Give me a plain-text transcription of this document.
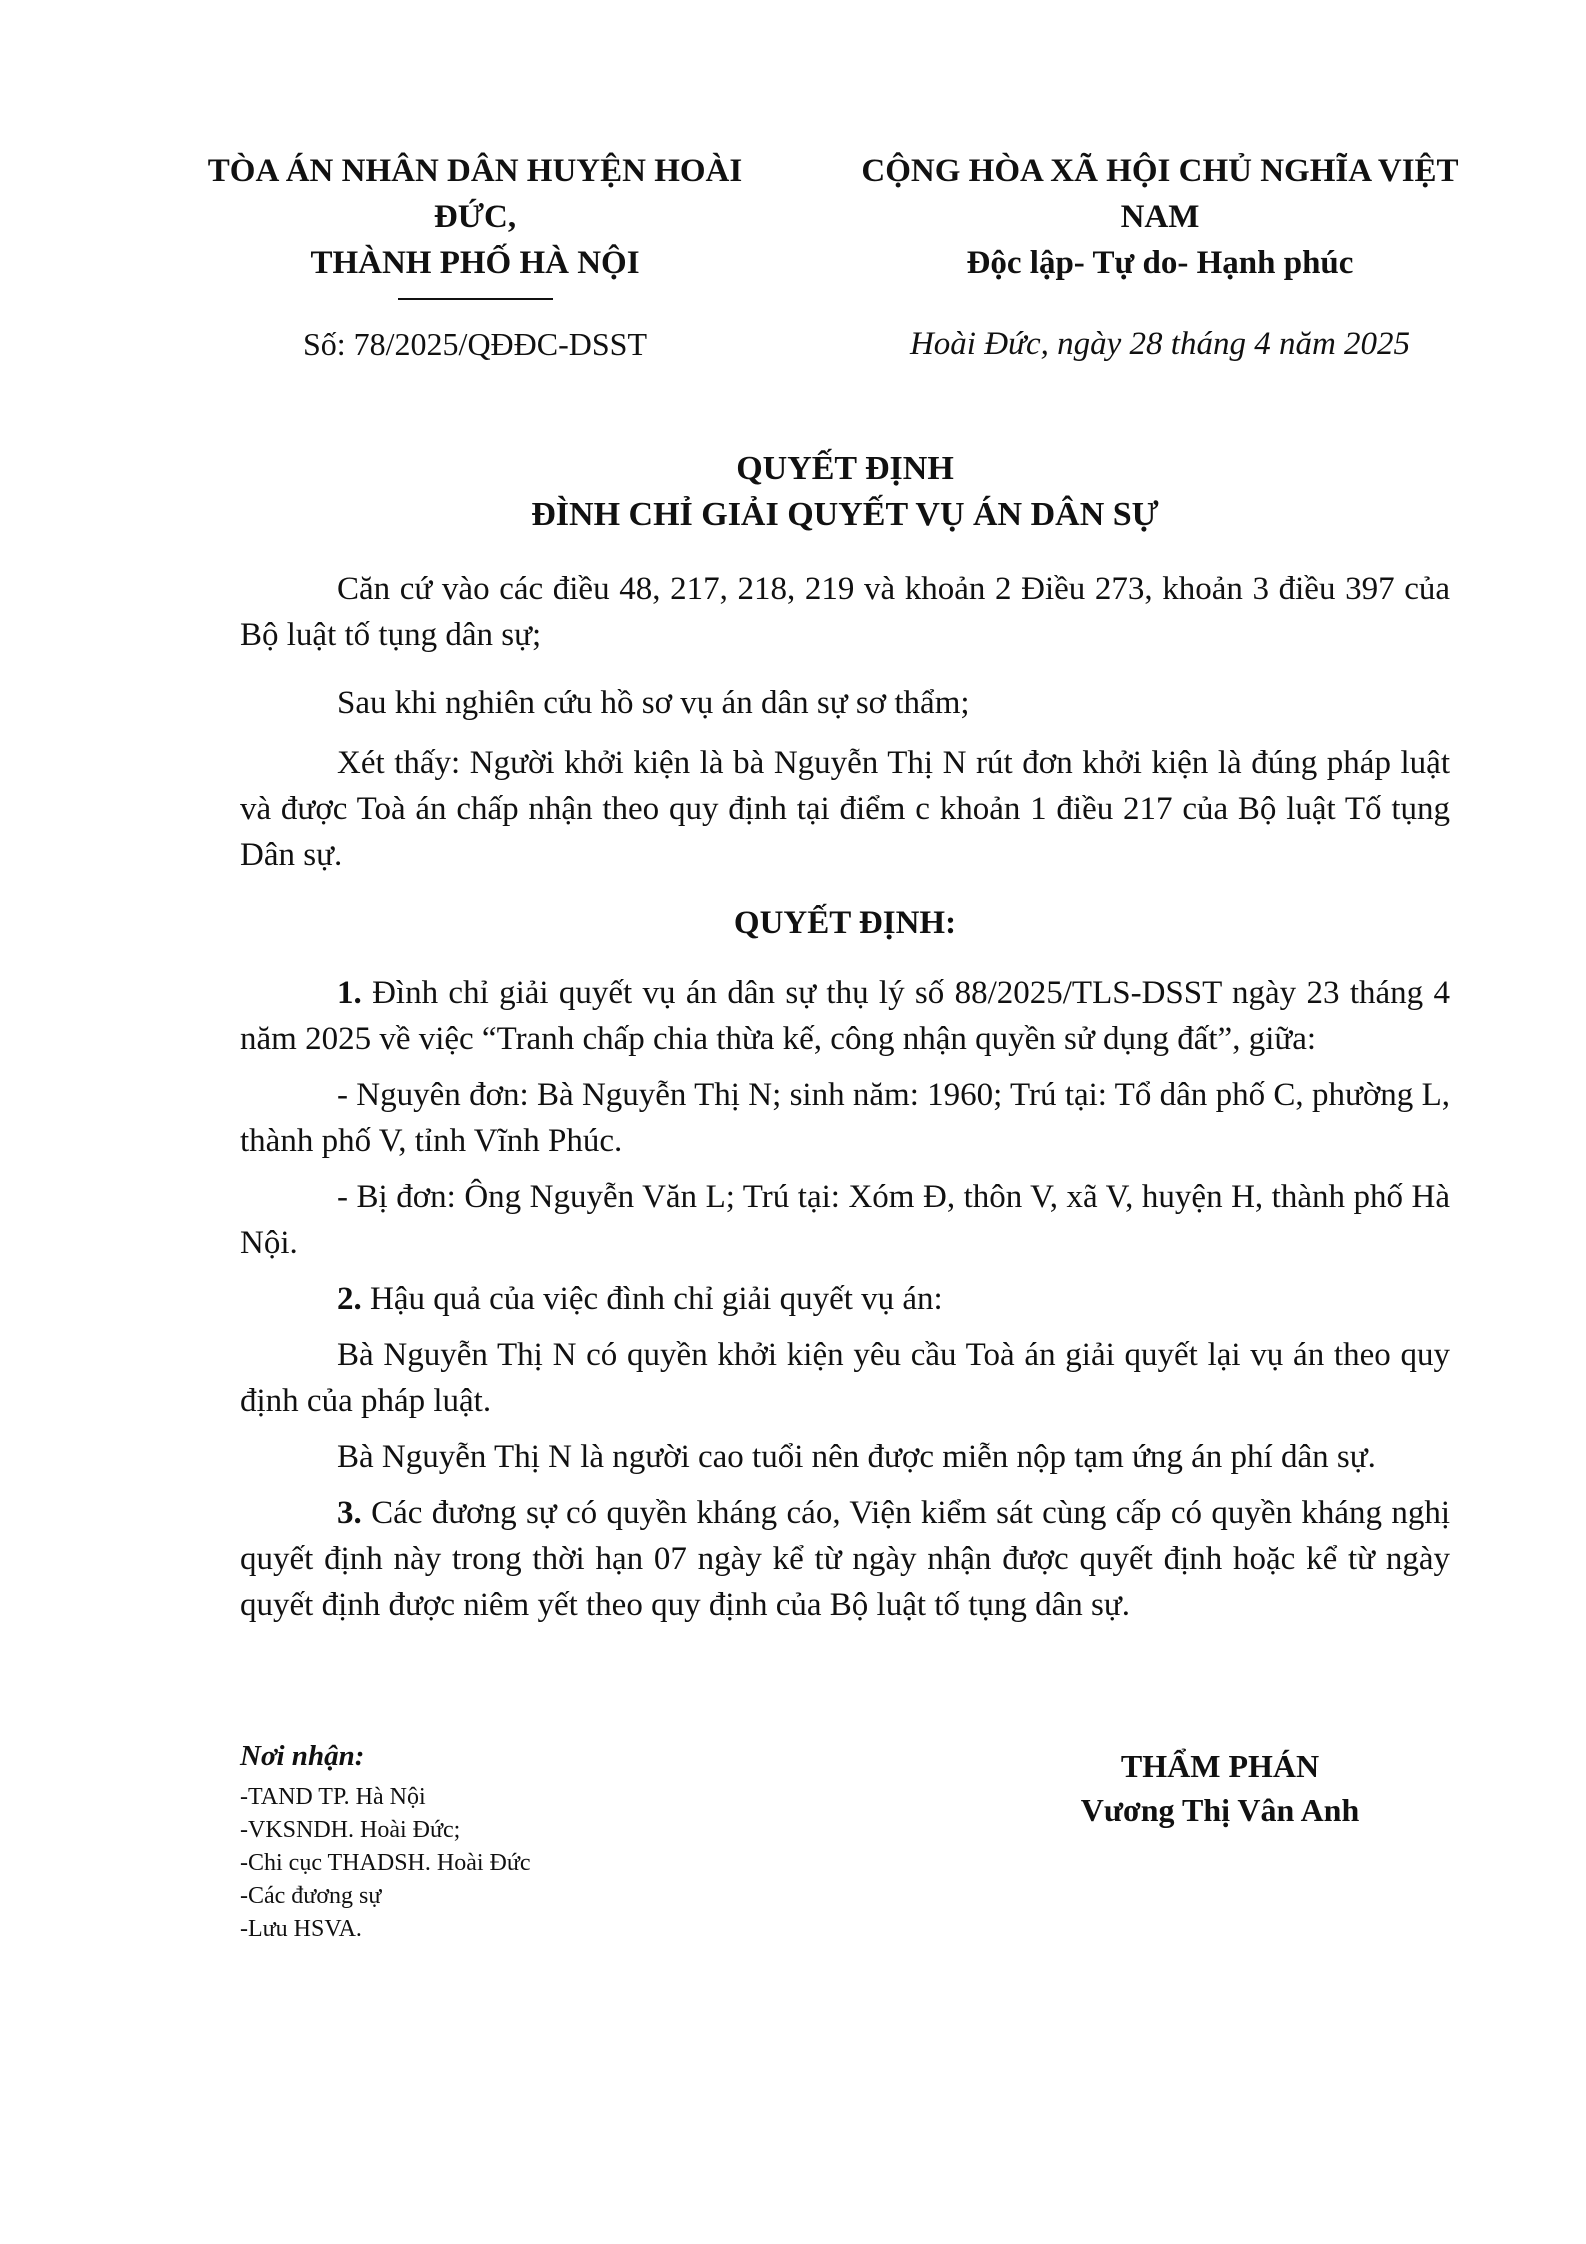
TÒA ÁN NHÂN DÂN HUYỆN HOÀI
ĐỨC,
THÀNH PHỐ HÀ NỘI
CỘNG HÒA XÃ HỘI CHỦ NGHĨA VIỆT
NAM
Độc lập- Tự do- Hạnh phúc
Số: 78/2025/QĐĐC-DSST	Hoài Đức, ngày 28 tháng 4 năm 2025
QUYẾT ĐỊNH
ĐÌNH CHỈ GIẢI QUYẾT VỤ ÁN DÂN SỰ

Căn cứ vào các điều 48, 217, 218, 219 và khoản 2 Điều 273, khoản 3 điều 397 của Bộ luật tố tụng dân sự;

Sau khi nghiên cứu hồ sơ vụ án dân sự sơ thẩm;

Xét thấy: Người khởi kiện là bà Nguyễn Thị N rút đơn khởi kiện là đúng pháp luật và được Toà án chấp nhận theo quy định tại điểm c khoản 1 điều 217 của Bộ luật Tố tụng Dân sự.

QUYẾT ĐỊNH:

1. Đình chỉ giải quyết vụ án dân sự thụ lý số 88/2025/TLS-DSST ngày 23 tháng 4 năm 2025 về việc “Tranh chấp chia thừa kế, công nhận quyền sử dụng đất”, giữa:

- Nguyên đơn: Bà Nguyễn Thị N; sinh năm: 1960; Trú tại: Tổ dân phố C, phường L, thành phố V, tỉnh Vĩnh Phúc.

- Bị đơn: Ông Nguyễn Văn L; Trú tại: Xóm Đ, thôn V, xã V, huyện H, thành phố Hà Nội.

2. Hậu quả của việc đình chỉ giải quyết vụ án:

Bà Nguyễn Thị N có quyền khởi kiện yêu cầu Toà án giải quyết lại vụ án theo quy định của pháp luật.

Bà Nguyễn Thị N là người cao tuổi nên được miễn nộp tạm ứng án phí dân sự.

3. Các đương sự có quyền kháng cáo, Viện kiểm sát cùng cấp có quyền kháng nghị quyết định này trong thời hạn 07 ngày kể từ ngày nhận được quyết định hoặc kể từ ngày quyết định được niêm yết theo quy định của Bộ luật tố tụng dân sự.

Nơi nhận:
-TAND TP. Hà Nội
-VKSNDH. Hoài Đức;
-Chi cục THADSH. Hoài Đức
-Các đương sự
-Lưu HSVA.
THẨM PHÁN
Vương Thị Vân Anh
